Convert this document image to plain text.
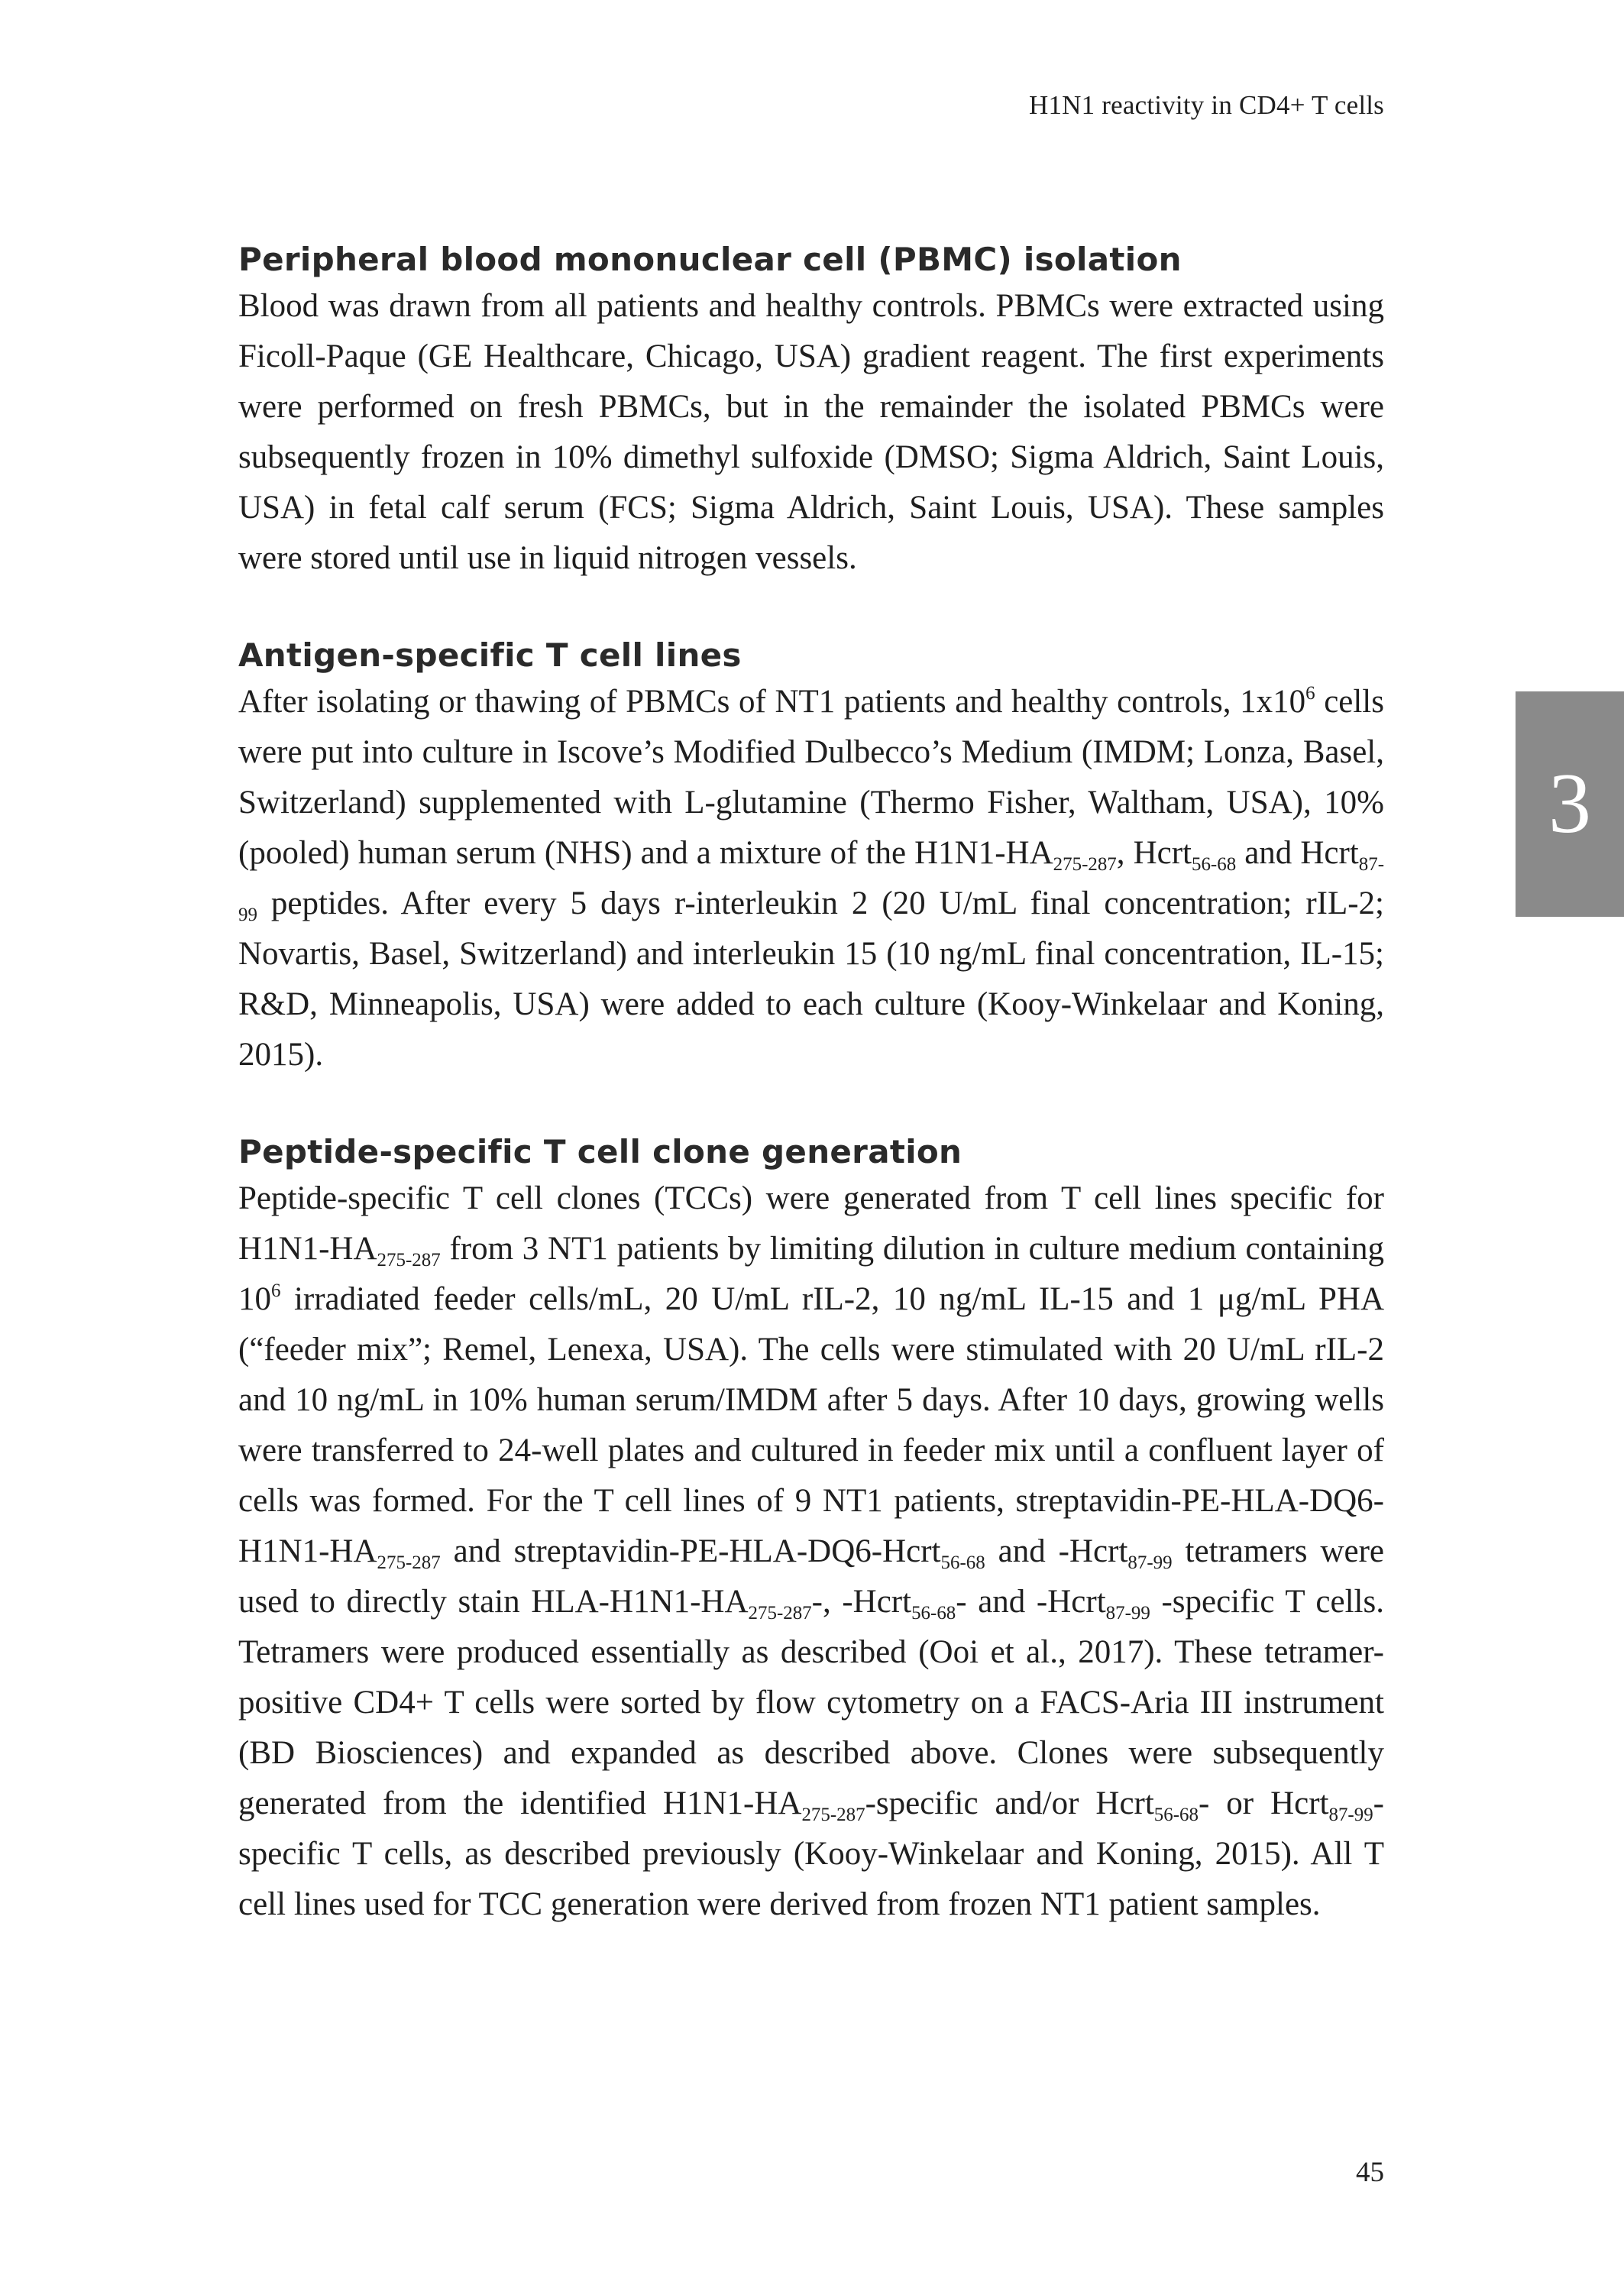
H1N1 reactivity in CD4+ T cells
3
Peripheral blood mononuclear cell (PBMC) isolation

Blood was drawn from all patients and healthy controls. PBMCs were extracted using Ficoll-Paque (GE Healthcare, Chicago, USA) gradient reagent. The first experiments were performed on fresh PBMCs, but in the remainder the isolated PBMCs were subsequently frozen in 10% dimethyl sulfoxide (DMSO; Sigma Aldrich, Saint Louis, USA) in fetal calf serum (FCS; Sigma Aldrich, Saint Louis, USA). These samples were stored until use in liquid nitrogen vessels.

Antigen-specific T cell lines

After isolating or thawing of PBMCs of NT1 patients and healthy controls, $1x10^6$ cells were put into culture in Iscove’s Modified Dulbecco’s Medium (IMDM; Lonza, Basel, Switzerland) supplemented with L-glutamine (Thermo Fisher, Waltham, USA), 10% (pooled) human serum (NHS) and a mixture of the $H1N1-HA_{275-287}$, Hcrt$_{56-68}$ and Hcrt$_{87-99}$ peptides. After every 5 days r-interleukin 2 (20 U/mL final concentration; rIL-2; Novartis, Basel, Switzerland) and interleukin 15 (10 ng/mL final concentration, IL-15; R&D, Minneapolis, USA) were added to each culture (Kooy-Winkelaar and Koning, 2015).

Peptide-specific T cell clone generation

Peptide-specific T cell clones (TCCs) were generated from T cell lines specific for $H1N1-HA_{275-287}$ from 3 NT1 patients by limiting dilution in culture medium containing $10^6$ irradiated feeder cells/mL, 20 U/mL rIL-2, 10 ng/mL IL-15 and 1 μg/mL PHA (“feeder mix”; Remel, Lenexa, USA). The cells were stimulated with 20 U/mL rIL-2 and 10 ng/mL in 10% human serum/IMDM after 5 days. After 10 days, growing wells were transferred to 24-well plates and cultured in feeder mix until a confluent layer of cells was formed. For the T cell lines of 9 NT1 patients, streptavidin-PE-HLA-DQ6- $H1N1-HA_{275-287}$ and streptavidin-PE-HLA-DQ6-Hcrt$_{56-68}$ and -Hcrt$_{87-99}$ tetramers were used to directly stain HLA-$H1N1-HA_{275-287}-$, -Hcrt$_{56-68}$- and -Hcrt$_{87-99}$ -specific T cells. Tetramers were produced essentially as described (Ooi et al., 2017). These tetramer-positive CD4+ T cells were sorted by flow cytometry on a FACS-Aria III instrument (BD Biosciences) and expanded as described above. Clones were subsequently generated from the identified $H1N1-HA_{275-287}$-specific and/or Hcrt$_{56-68}$- or Hcrt$_{87-99}$-specific T cells, as described previously (Kooy-Winkelaar and Koning, 2015). All T cell lines used for TCC generation were derived from frozen NT1 patient samples.

45
